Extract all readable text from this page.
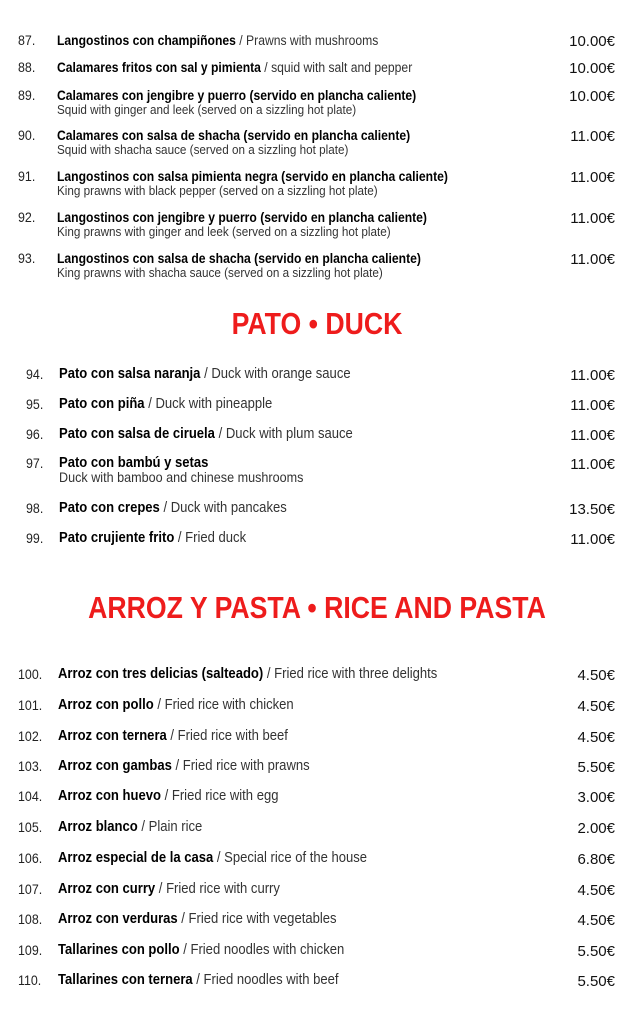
87. Langostinos con champiñones / Prawns with mushrooms	10.00€
88. Calamares fritos con sal y pimienta / squid with salt and pepper	10.00€
89. Calamares con jengibre y puerro (servido en plancha caliente)
Squid with ginger and leek (served on a sizzling hot plate)
10.00€
90. Calamares con salsa de shacha (servido en plancha caliente)
Squid with shacha sauce (served on a sizzling hot plate)
11.00€
91. Langostinos con salsa pimienta negra (servido en plancha caliente)
King prawns with black pepper (served on a sizzling hot plate)
11.00€
92. Langostinos con jengibre y puerro (servido en plancha caliente)
King prawns with ginger and leek (served on a sizzling hot plate)
11.00€
93. Langostinos con salsa de shacha (servido en plancha caliente)
King prawns with shacha sauce (served on a sizzling hot plate)
11.00€
PATO • DUCK
94. Pato con salsa naranja / Duck with orange sauce	11.00€
95. Pato con piña / Duck with pineapple	11.00€
96. Pato con salsa de ciruela / Duck with plum sauce	11.00€
97. Pato con bambú y setas
Duck with bamboo and chinese mushrooms
11.00€
98. Pato con crepes / Duck with pancakes	13.50€
99. Pato crujiente frito / Fried duck	11.00€
ARROZ Y PASTA • RICE AND PASTA
100. Arroz con tres delicias (salteado) / Fried rice with three delights	4.50€
101. Arroz con pollo / Fried rice with chicken	4.50€
102. Arroz con ternera / Fried rice with beef	4.50€
103. Arroz con gambas / Fried rice with prawns	5.50€
104. Arroz con huevo / Fried rice with egg	3.00€
105. Arroz blanco / Plain rice	2.00€
106. Arroz especial de la casa / Special rice of the house	6.80€
107. Arroz con curry / Fried rice with curry	4.50€
108. Arroz con verduras / Fried rice with vegetables	4.50€
109. Tallarines con pollo / Fried noodles with chicken	5.50€
110. Tallarines con ternera / Fried noodles with beef	5.50€
